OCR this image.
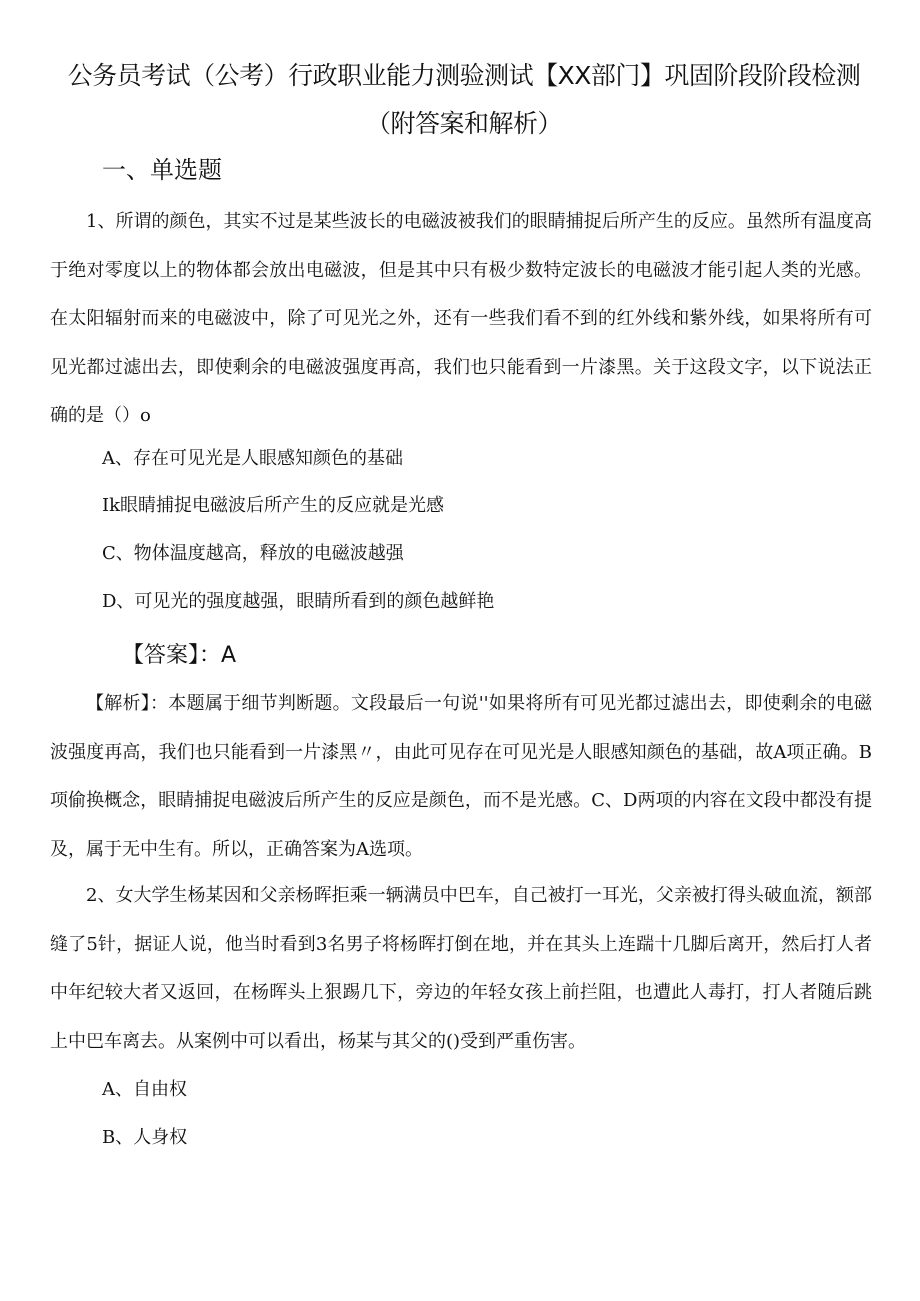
公务员考试（公考）行政职业能力测验测试【XX部门】巩固阶段阶段检测（附答案和解析）
一、单选题
1、所谓的颜色，其实不过是某些波长的电磁波被我们的眼睛捕捉后所产生的反应。虽然所有温度高于绝对零度以上的物体都会放出电磁波，但是其中只有极少数特定波长的电磁波才能引起人类的光感。在太阳辐射而来的电磁波中，除了可见光之外，还有一些我们看不到的红外线和紫外线，如果将所有可见光都过滤出去，即使剩余的电磁波强度再高，我们也只能看到一片漆黑。关于这段文字，以下说法正确的是（）o
A、存在可见光是人眼感知颜色的基础
Ik眼睛捕捉电磁波后所产生的反应就是光感
C、物体温度越高，释放的电磁波越强
D、可见光的强度越强，眼睛所看到的颜色越鲜艳
【答案】：A
【解析】：本题属于细节判断题。文段最后一句说''如果将所有可见光都过滤出去，即使剩余的电磁波强度再高，我们也只能看到一片漆黑〃，由此可见存在可见光是人眼感知颜色的基础，故A项正确。B项偷换概念，眼睛捕捉电磁波后所产生的反应是颜色，而不是光感。C、D两项的内容在文段中都没有提及，属于无中生有。所以，正确答案为A选项。
2、女大学生杨某因和父亲杨晖拒乘一辆满员中巴车，自己被打一耳光，父亲被打得头破血流，额部缝了5针，据证人说，他当时看到3名男子将杨晖打倒在地，并在其头上连踹十几脚后离开，然后打人者中年纪较大者又返回，在杨晖头上狠踢几下，旁边的年轻女孩上前拦阻，也遭此人毒打，打人者随后跳上中巴车离去。从案例中可以看出，杨某与其父的()受到严重伤害。
A、自由权
B、人身权
